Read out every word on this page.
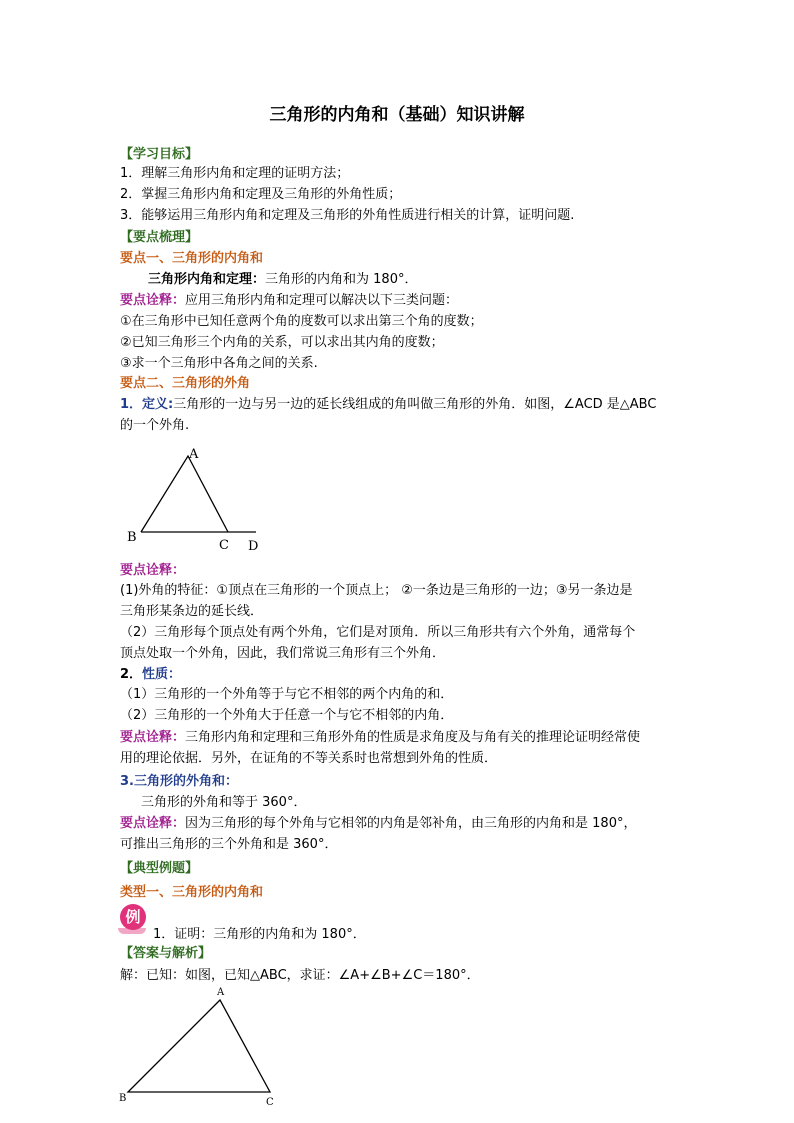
三角形的内角和（基础）知识讲解
【学习目标】
1．理解三角形内角和定理的证明方法；
2．掌握三角形内角和定理及三角形的外角性质；
3．能够运用三角形内角和定理及三角形的外角性质进行相关的计算，证明问题.
【要点梳理】
要点一、三角形的内角和
三角形内角和定理：三角形的内角和为 180°．
要点诠释：应用三角形内角和定理可以解决以下三类问题：
①在三角形中已知任意两个角的度数可以求出第三个角的度数；
②已知三角形三个内角的关系，可以求出其内角的度数；
③求一个三角形中各角之间的关系.
要点二、三角形的外角
1．定义:三角形的一边与另一边的延长线组成的角叫做三角形的外角．如图，∠ACD 是△ABC
的一个外角.
A
B
C D
要点诠释：
(1)外角的特征：①顶点在三角形的一个顶点上； ②一条边是三角形的一边；③另一条边是
三角形某条边的延长线．
（2）三角形每个顶点处有两个外角，它们是对顶角．所以三角形共有六个外角，通常每个
顶点处取一个外角，因此，我们常说三角形有三个外角．
2．性质：
（1）三角形的一个外角等于与它不相邻的两个内角的和．
（2）三角形的一个外角大于任意一个与它不相邻的内角．
要点诠释：三角形内角和定理和三角形外角的性质是求角度及与角有关的推理论证明经常使
用的理论依据．另外，在证角的不等关系时也常想到外角的性质．
3.三角形的外角和：
三角形的外角和等于 360°．
要点诠释：因为三角形的每个外角与它相邻的内角是邻补角，由三角形的内角和是 180°，
可推出三角形的三个外角和是 360°．
【典型例题】
类型一、三角形的内角和
例
1．证明：三角形的内角和为 180°．
【答案与解析】
解：已知：如图，已知△ABC，求证：∠A+∠B+∠C＝180°．
A
B	C
